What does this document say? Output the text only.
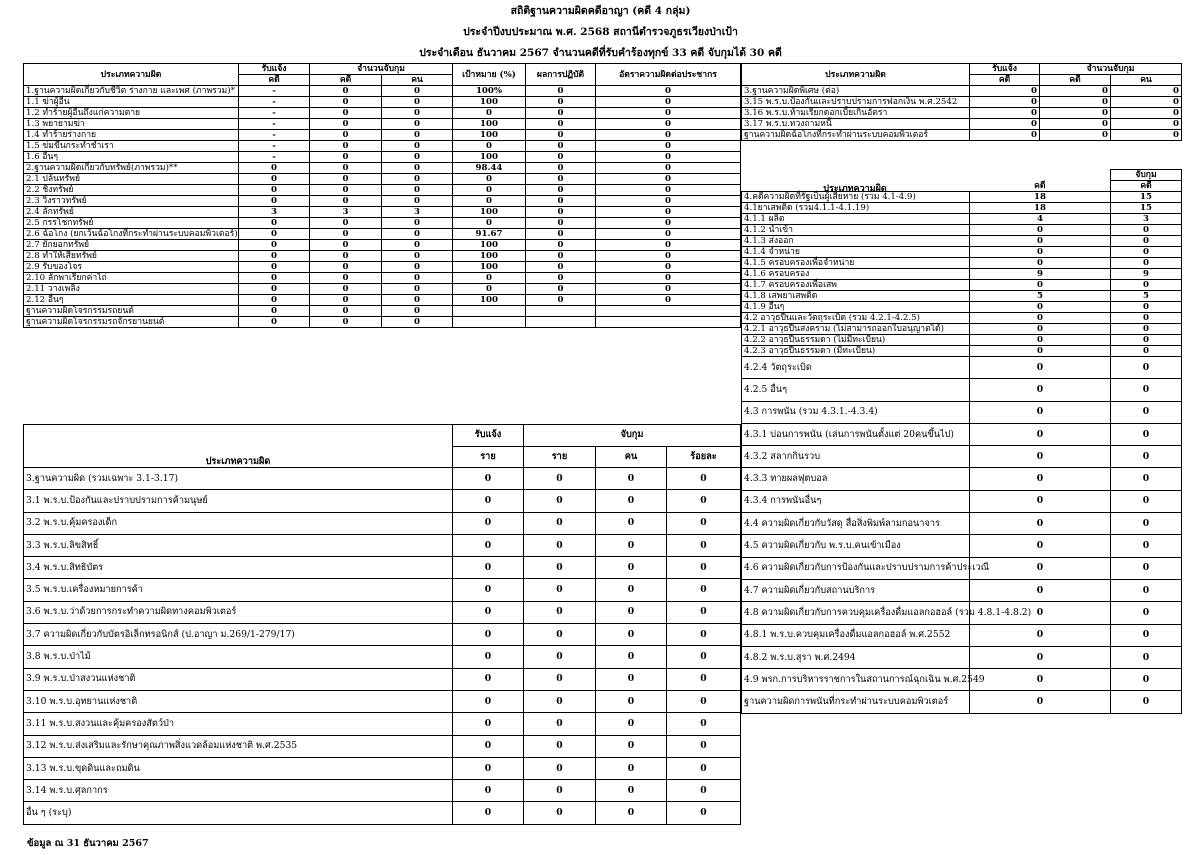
สถิติฐานความผิดคดีอาญา (คดี 4 กลุ่ม)
ประจำปีงบประมาณ พ.ศ. 2568 สถานีตำรวจภูธรเวียงป่าเป้า
ประจำเดือน ธันวาคม 2567 จำนวนคดีที่รับคำร้องทุกข์ 33 คดี จับกุมได้ 30 คดี
ประเภทความผิด	รับแจ้ง	จำนวนจับกุม		เป้าหมาย (%)	ผลการปฏิบัติ	อัตราความผิดต่อประชากร
	คดี	คดี	คน			
1.ฐานความผิดเกี่ยวกับชีวิต ร่างกาย และเพศ (ภาพรวม)*	-	0	0	100%	0	0
1.1 ฆ่าผู้อื่น	-	0	0	100	0	0
1.2 ทำร้ายผู้อื่นถึงแก่ความตาย	-	0	0	0	0	0
1.3 พยายามฆ่า	-	0	0	100	0	0
1.4 ทำร้ายร่างกาย	-	0	0	100	0	0
1.5 ข่มขืนกระทำชำเรา	-	0	0	0	0	0
1.6 อื่นๆ	-	0	0	100	0	0
2.ฐานความผิดเกี่ยวกับทรัพย์(ภาพรวม)**	0	0	0	98.44	0	0
2.1 ปล้นทรัพย์	0	0	0	0	0	0
2.2 ชิงทรัพย์	0	0	0	0	0	0
2.3 วิ่งราวทรัพย์	0	0	0	0	0	0
2.4 ลักทรัพย์	3	3	3	100	0	0
2.5 กรรโชกทรัพย์	0	0	0	0	0	0
2.6 ฉ้อโกง (ยกเว้นฉ้อโกงที่กระทำผ่านระบบคอมพิวเตอร์)	0	0	0	91.67	0	0
2.7 ยักยอกทรัพย์	0	0	0	100	0	0
2.8 ทำให้เสียทรัพย์	0	0	0	100	0	0
2.9 รับของโจร	0	0	0	100	0	0
2.10 ลักพาเรียกค่าไถ่	0	0	0	0	0	0
2.11 วางเพลิง	0	0	0	0	0	0
2.12 อื่นๆ	0	0	0	100	0	0
ฐานความผิดโจรกรรมรถยนต์	0	0	0			
ฐานความผิดโจรกรรมรถจักรยานยนต์	0	0	0			
ประเภทความผิด	รับแจ้ง	จำนวนจับกุม	
	คดี	คดี	คน
3.ฐานความผิดพิเศษ (ต่อ)	0	0	0
3.15 พ.ร.บ.ป้องกันและปราบปรามการฟอกเงิน พ.ศ.2542	0	0	0
3.16 พ.ร.บ.ห้ามเรียกดอกเบี้ยเกินอัตรา	0	0	0
3.17 พ.ร.บ.ทวงถามหนี้	0	0	0
ฐานความผิดฉ้อโกงที่กระทำผ่านระบบคอมพิวเตอร์	0	0	0
ประเภทความผิด	รับแจ้ง	จับกุม		
	ราย	ราย	คน	ร้อยละ
3.ฐานความผิด (รวมเฉพาะ 3.1-3.17)	0	0	0	0
3.1 พ.ร.บ.ป้องกันและปราบปรามการค้ามนุษย์	0	0	0	0
3.2 พ.ร.บ.คุ้มครองเด็ก	0	0	0	0
3.3 พ.ร.บ.ลิขสิทธิ์	0	0	0	0
3.4 พ.ร.บ.สิทธิบัตร	0	0	0	0
3.5 พ.ร.บ.เครื่องหมายการค้า	0	0	0	0
3.6 พ.ร.บ.ว่าด้วยการกระทำความผิดทางคอมพิวเตอร์	0	0	0	0
3.7 ความผิดเกี่ยวกับบัตรอิเล็กทรอนิกส์ (ป.อาญา ม.269/1-279/17)	0	0	0	0
3.8 พ.ร.บ.ป่าไม้	0	0	0	0
3.9 พ.ร.บ.ป่าสงวนแห่งชาติ	0	0	0	0
3.10 พ.ร.บ.อุทยานแห่งชาติ	0	0	0	0
3.11 พ.ร.บ.สงวนและคุ้มครองสัตว์ป่า	0	0	0	0
3.12 พ.ร.บ.ส่งเสริมและรักษาคุณภาพสิ่งแวดล้อมแห่งชาติ พ.ศ.2535	0	0	0	0
3.13 พ.ร.บ.ขุดดินและถมดิน	0	0	0	0
3.14 พ.ร.บ.ศุลกากร	0	0	0	0
อื่น ๆ (ระบุ)	0	0	0	0
		จับกุม
	คดี	คดี
4.คดีความผิดที่รัฐเป็นผู้เสียหาย (รวม 4.1-4.9)	18	15
4.1ยาเสพติด (รวม4.1.1-4.1.19)	18	15
4.1.1 ผลิต	4	3
4.1.2 นำเข้า	0	0
4.1.3 ส่งออก	0	0
4.1.4 จำหน่าย	0	0
4.1.5 ครอบครองเพื่อจำหน่าย	0	0
4.1.6 ครอบครอง	9	9
4.1.7 ครอบครองเพื่อเสพ	0	0
4.1.8 เสพยาเสพติด	5	5
4.1.9 อื่นๆ	0	0
4.2 อาวุธปืนและวัตถุระเบิด (รวม 4.2.1-4.2.5)	0	0
4.2.1 อาวุธปืนสงคราม (ไม่สามารถออกใบอนุญาตได้)	0	0
4.2.2 อาวุธปืนธรรมดา (ไม่มีทะเบียน)	0	0
4.2.3 อาวุธปืนธรรมดา (มีทะเบียน)	0	0
4.2.4 วัตถุระเบิด	0	0
4.2.5 อื่นๆ	0	0
4.3 การพนัน (รวม 4.3.1.-4.3.4)	0	0
4.3.1 บ่อนการพนัน (เล่นการพนันตั้งแต่ 20คนขึ้นไป)	0	0
4.3.2 สลากกินรวบ	0	0
4.3.3 ทายผลฟุตบอล	0	0
4.3.4 การพนันอื่นๆ	0	0
4.4 ความผิดเกี่ยวกับวัสดุ สื่อสิ่งพิมพ์ลามกอนาจาร	0	0
4.5 ความผิดเกี่ยวกับ พ.ร.บ.คนเข้าเมือง	0	0
4.6 ความผิดเกี่ยวกับการป้องกันและปราบปรามการค้าประเวณี	0	0
4.7 ความผิดเกี่ยวกับสถานบริการ	0	0
4.8 ความผิดเกี่ยวกับการควบคุมเครื่องดื่มแอลกอฮอล์ (รวม 4.8.1-4.8.2)	0	0
4.8.1 พ.ร.บ.ควบคุมเครื่องดื่มแอลกอฮอล์ พ.ศ.2552	0	0
4.8.2 พ.ร.บ.สุรา พ.ศ.2494	0	0
4.9 พรก.การบริหารราชการในสถานการณ์ฉุกเฉิน พ.ศ.2549	0	0
ฐานความผิดการพนันที่กระทำผ่านระบบคอมพิวเตอร์	0	0
ประเภทความผิด
ข้อมูล ณ 31 ธันวาคม 2567
